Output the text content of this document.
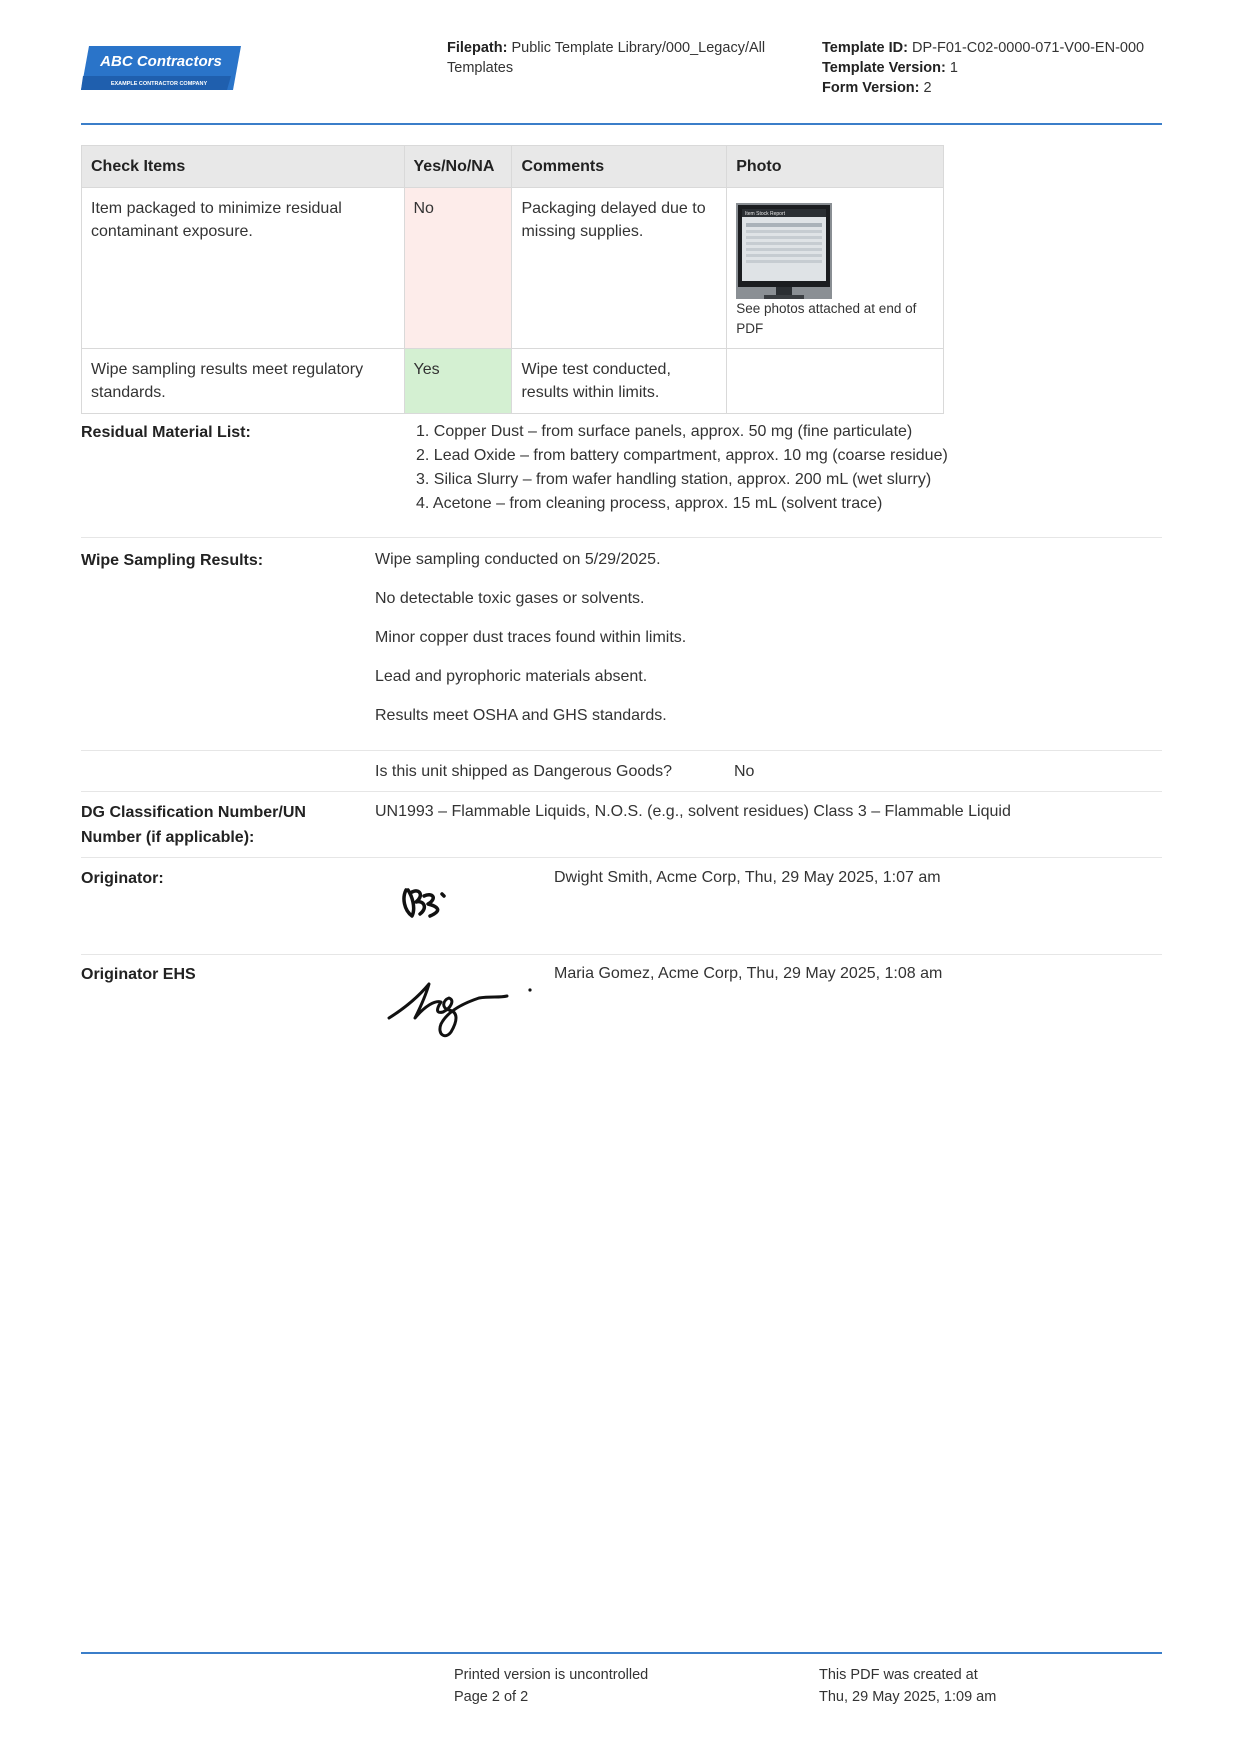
ABC Contractors
EXAMPLE CONTRACTOR COMPANY
Filepath: Public Template Library/000_Legacy/All Templates
Template ID: DP-F01-C02-0000-071-V00-EN-000
Template Version: 1
Form Version: 2
Check Items	Yes/No/NA	Comments	Photo
Item packaged to minimize residual contaminant exposure.	No	Packaging delayed due to missing supplies.	Item Stock Report
See photos attached at end of PDF

Wipe sampling results meet regulatory standards.	Yes	Wipe test conducted, results within limits.	
Residual Material List:	1. Copper Dust – from surface panels, approx. 50 mg (fine particulate)
2. Lead Oxide – from battery compartment, approx. 10 mg (coarse residue)
3. Silica Slurry – from wafer handling station, approx. 200 mL (wet slurry)
4. Acetone – from cleaning process, approx. 15 mL (solvent trace)
Wipe Sampling Results:	Wipe sampling conducted on 5/29/2025.

No detectable toxic gases or solvents.

Minor copper dust traces found within limits.

Lead and pyrophoric materials absent.

Results meet OSHA and GHS standards.

Is this unit shipped as Dangerous Goods?	No
DG Classification Number/UN Number (if applicable):
UN1993 – Flammable Liquids, N.O.S. (e.g., solvent residues) Class 3 – Flammable Liquid
Originator:	Dwight Smith, Acme Corp, Thu, 29 May 2025, 1:07 am
Originator EHS	Maria Gomez, Acme Corp, Thu, 29 May 2025, 1:08 am
Printed version is uncontrolled
Page 2 of 2
This PDF was created at
Thu, 29 May 2025, 1:09 am
